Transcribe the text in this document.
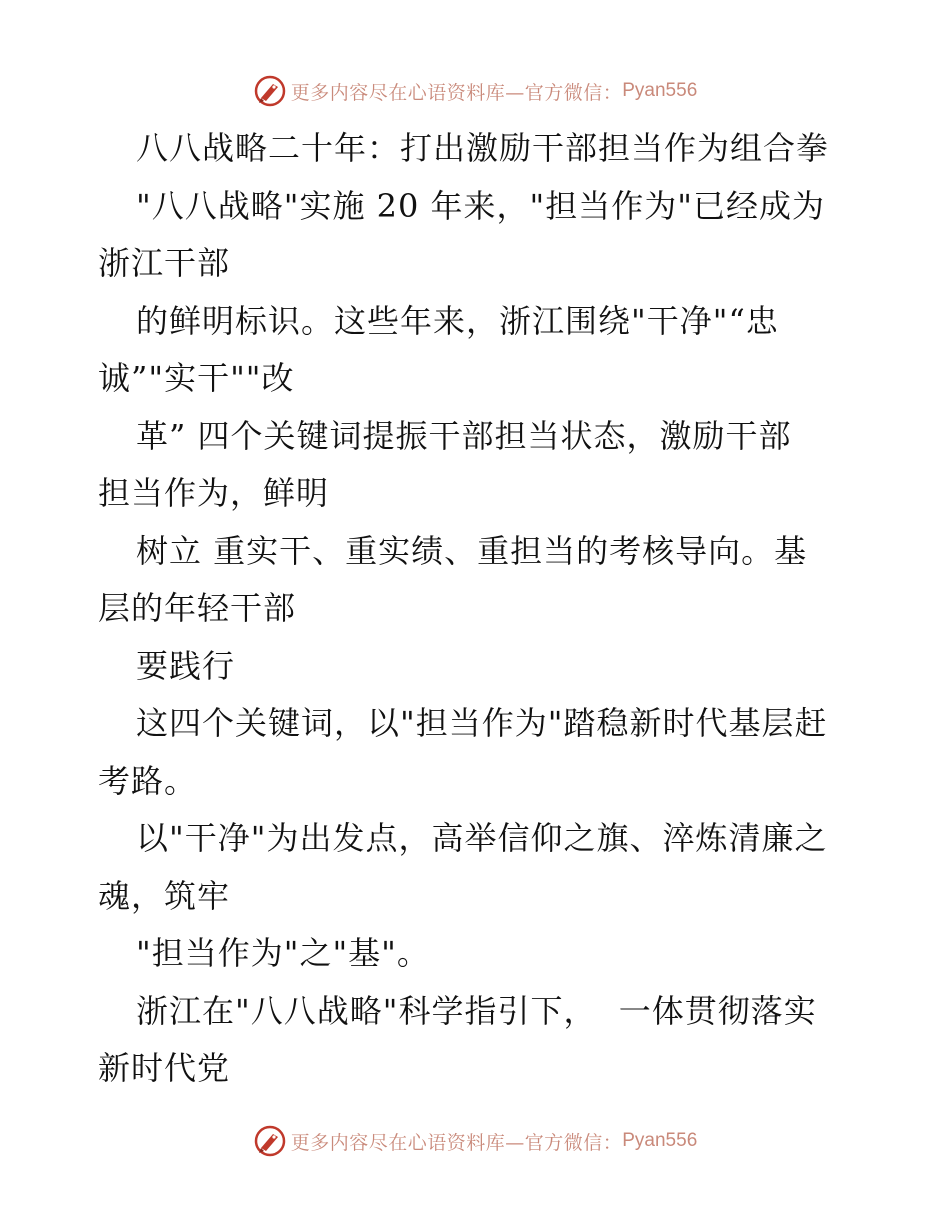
更多内容尽在心语资料库—官方微信： Pyan556
八八战略二十年：打出激励干部担当作为组合拳
"八八战略"实施 20 年来，"担当作为"已经成为
浙江干部
的鲜明标识。这些年来，浙江围绕"干净"“忠
诚”"实干""改
革” 四个关键词提振干部担当状态，激励干部
担当作为，鲜明
树立 重实干、重实绩、重担当的考核导向。基
层的年轻干部
要践行
这四个关键词，以"担当作为"踏稳新时代基层赶
考路。
以"干净"为出发点，高举信仰之旗、淬炼清廉之
魂，筑牢
"担当作为"之"基"。
浙江在"八八战略"科学指引下，  一体贯彻落实
新时代党
更多内容尽在心语资料库—官方微信： Pyan556
